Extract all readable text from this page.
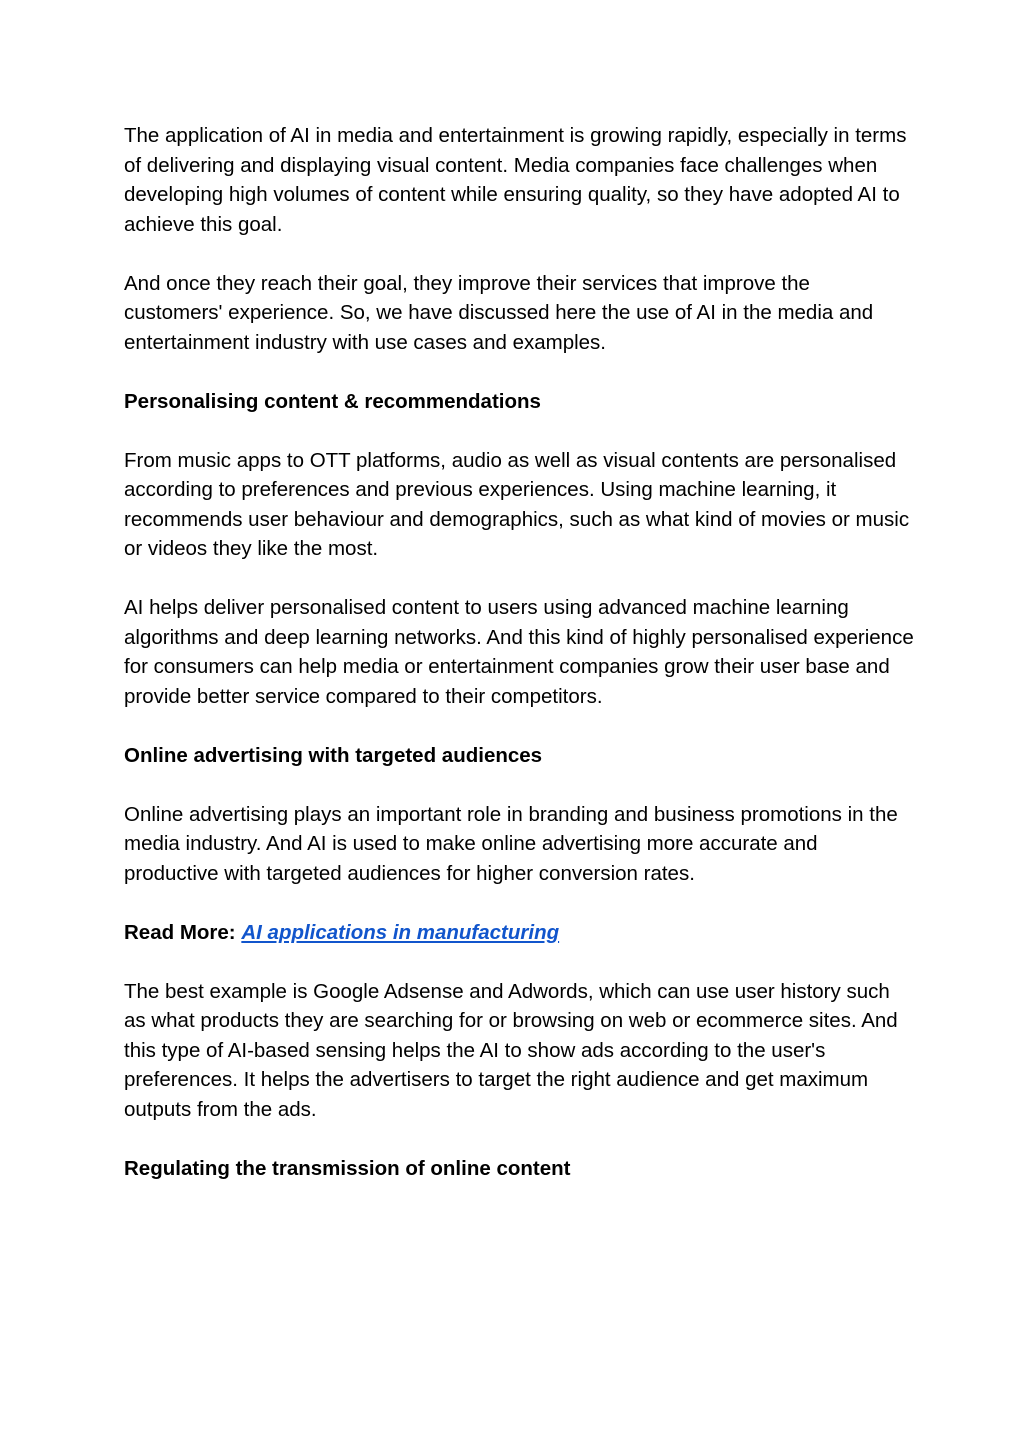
The application of AI in media and entertainment is growing rapidly, especially in terms of delivering and displaying visual content. Media companies face challenges when developing high volumes of content while ensuring quality, so they have adopted AI to achieve this goal.

And once they reach their goal, they improve their services that improve the customers' experience. So, we have discussed here the use of AI in the media and entertainment industry with use cases and examples.

Personalising content & recommendations

From music apps to OTT platforms, audio as well as visual contents are personalised according to preferences and previous experiences. Using machine learning, it recommends user behaviour and demographics, such as what kind of movies or music or videos they like the most.

AI helps deliver personalised content to users using advanced machine learning algorithms and deep learning networks. And this kind of highly personalised experience for consumers can help media or entertainment companies grow their user base and provide better service compared to their competitors.

Online advertising with targeted audiences

Online advertising plays an important role in branding and business promotions in the media industry. And AI is used to make online advertising more accurate and productive with targeted audiences for higher conversion rates.

Read More: AI applications in manufacturing

The best example is Google Adsense and Adwords, which can use user history such as what products they are searching for or browsing on web or ecommerce sites. And this type of AI-based sensing helps the AI to show ads according to the user's preferences. It helps the advertisers to target the right audience and get maximum outputs from the ads.

Regulating the transmission of online content
